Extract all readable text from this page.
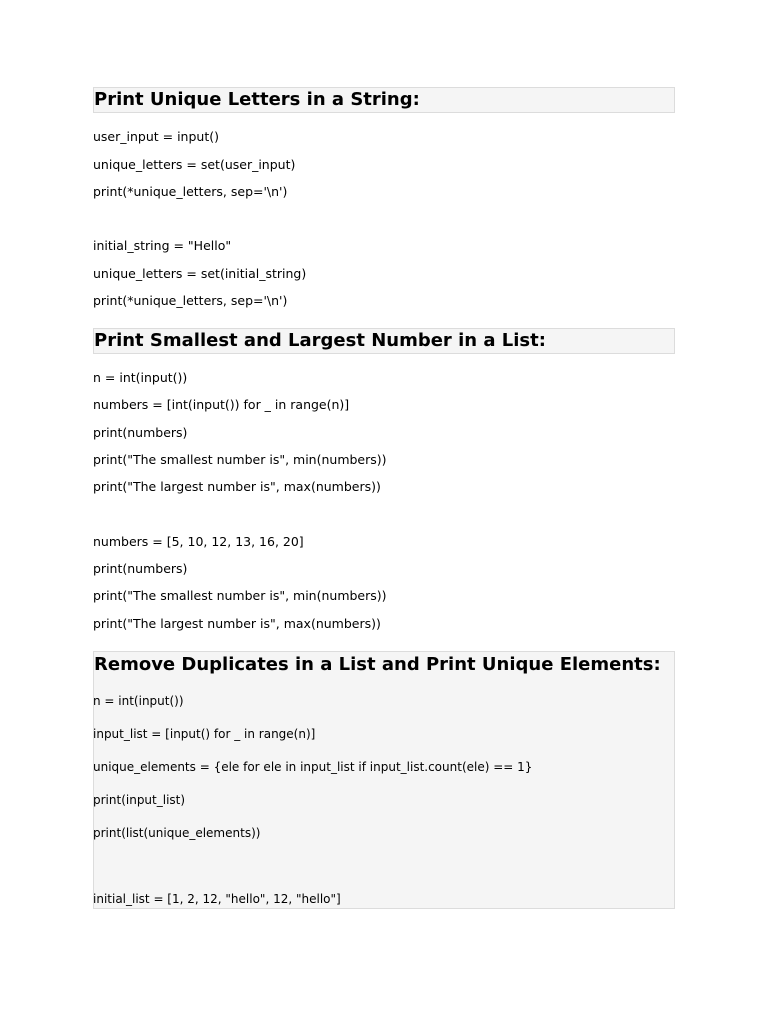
Print Unique Letters in a String:

user_input = input()

unique_letters = set(user_input)

print(*unique_letters, sep='\n')

initial_string = "Hello"

unique_letters = set(initial_string)

print(*unique_letters, sep='\n')

Print Smallest and Largest Number in a List:

n = int(input())

numbers = [int(input()) for _ in range(n)]

print(numbers)

print("The smallest number is", min(numbers))

print("The largest number is", max(numbers))

numbers = [5, 10, 12, 13, 16, 20]

print(numbers)

print("The smallest number is", min(numbers))

print("The largest number is", max(numbers))

Remove Duplicates in a List and Print Unique Elements:

n = int(input())

input_list = [input() for _ in range(n)]

unique_elements = {ele for ele in input_list if input_list.count(ele) == 1}

print(input_list)

print(list(unique_elements))

initial_list = [1, 2, 12, "hello", 12, "hello"]
